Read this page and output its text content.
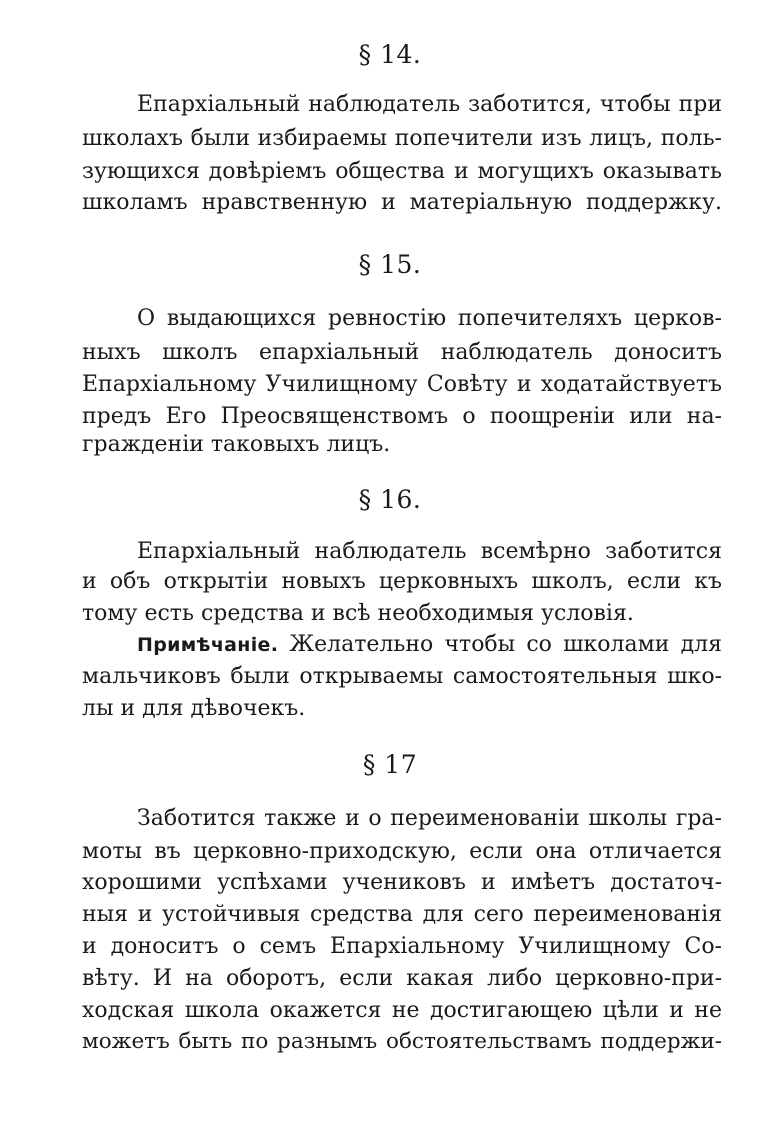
§ 14.
Епархіальный наблюдатель заботится, чтобы при
школахъ были избираемы попечители изъ лицъ, поль-
зующихся довѣріемъ общества и могущихъ оказывать
школамъ нравственную и матеріальную поддержку.
§ 15.
О выдающихся ревностію попечителяхъ церков-
ныхъ школъ епархіальный наблюдатель доноситъ
Епархіальному Училищному Совѣту и ходатайствуетъ
предъ Его Преосвященствомъ о поощреніи или на-
гражденіи таковыхъ лицъ.
§ 16.
Епархіальный наблюдатель всемѣрно заботится
и объ открытіи новыхъ церковныхъ школъ, если къ
тому есть средства и всѣ необходимыя условія.
Примѣчаніе. Желательно чтобы со школами для
мальчиковъ были открываемы самостоятельныя шко-
лы и для дѣвочекъ.
§ 17
Заботится также и о переименованіи школы гра-
моты въ церковно-приходскую, если она отличается
хорошими успѣхами учениковъ и имѣетъ достаточ-
ныя и устойчивыя средства для сего переименованія
и доноситъ о семъ Епархіальному Училищному Со-
вѣту. И на оборотъ, если какая либо церковно-при-
ходская школа окажется не достигающею цѣли и не
можетъ быть по разнымъ обстоятельствамъ поддержи-
